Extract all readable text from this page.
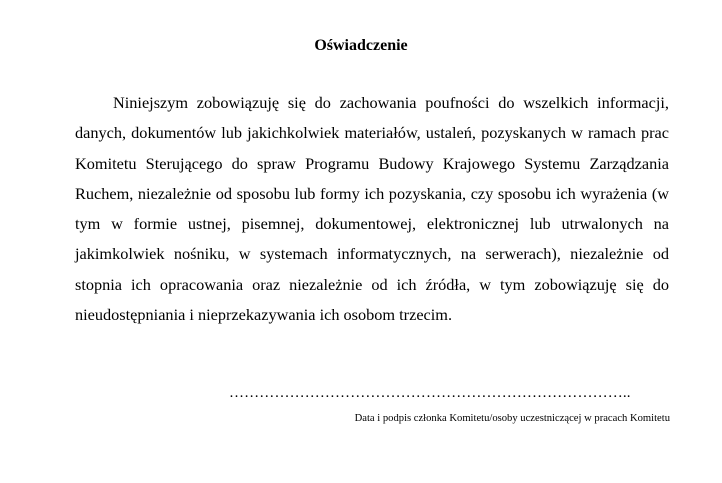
Oświadczenie

Niniejszym zobowiązuję się do zachowania poufności do wszelkich informacji, danych, dokumentów lub jakichkolwiek materiałów, ustaleń, pozyskanych w ramach prac Komitetu Sterującego do spraw Programu Budowy Krajowego Systemu Zarządzania Ruchem, niezależnie od sposobu lub formy ich pozyskania, czy sposobu ich wyrażenia (w tym w formie ustnej, pisemnej, dokumentowej, elektronicznej lub utrwalonych na jakimkolwiek nośniku, w systemach informatycznych, na serwerach), niezależnie od stopnia ich opracowania oraz niezależnie od ich źródła, w tym zobowiązuję się do nieudostępniania i nieprzekazywania ich osobom trzecim.

……………………………………………………………………..
Data i podpis członka Komitetu/osoby uczestniczącej w pracach Komitetu
